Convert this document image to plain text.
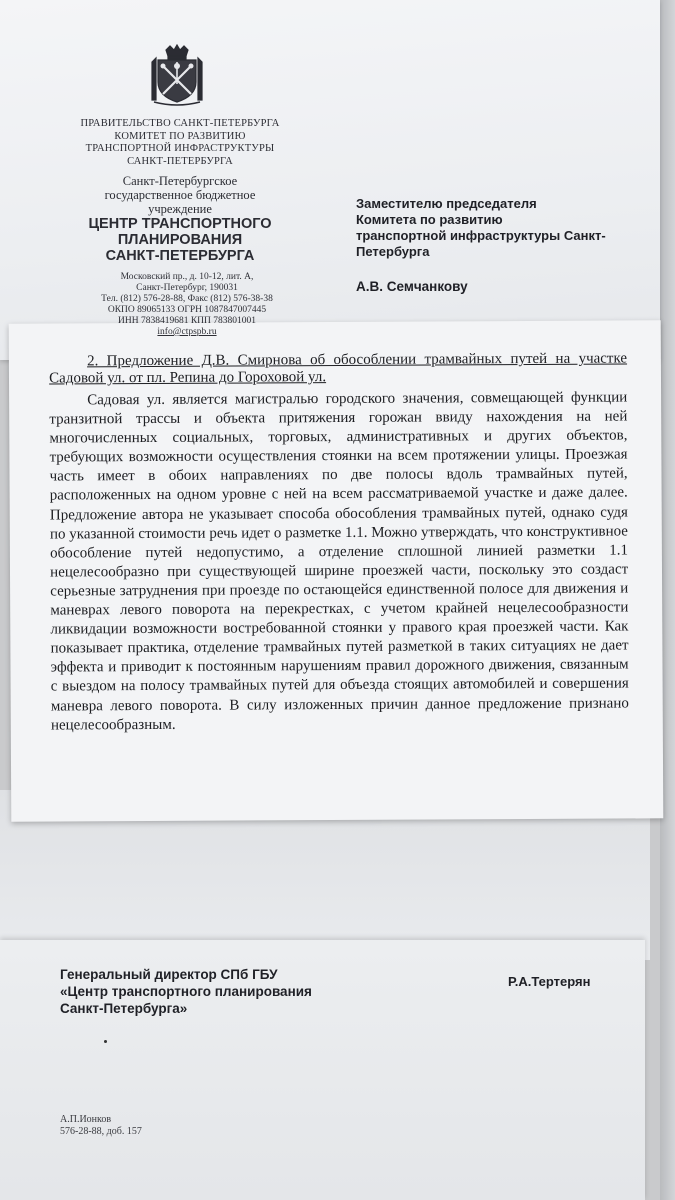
ПРАВИТЕЛЬСТВО САНКТ-ПЕТЕРБУРГА
КОМИТЕТ ПО РАЗВИТИЮ
ТРАНСПОРТНОЙ ИНФРАСТРУКТУРЫ
САНКТ-ПЕТЕРБУРГА
Санкт-Петербургское
государственное бюджетное
учреждение
ЦЕНТР ТРАНСПОРТНОГО
ПЛАНИРОВАНИЯ
САНКТ-ПЕТЕРБУРГА
Московский пр., д. 10-12, лит. А,
Санкт-Петербург, 190031
Тел. (812) 576-28-88, Факс (812) 576-38-38
ОКПО 89065133 ОГРН 1087847007445
ИНН 7838419681 КПП 783801001
info@ctpspb.ru
Заместителю председателя
Комитета по развитию
транспортной инфраструктуры Санкт-
Петербурга
А.В. Семчанкову
2. Предложение Д.В. Смирнова об обособлении трамвайных путей на участке Садовой ул. от пл. Репина до Гороховой ул.
Садовая ул. является магистралью городского значения, совмещающей функции транзитной трассы и объекта притяжения горожан ввиду нахождения на ней многочисленных социальных, торговых, административных и других объектов, требующих возможности осуществления стоянки на всем протяжении улицы. Проезжая часть имеет в обоих направлениях по две полосы вдоль трамвайных путей, расположенных на одном уровне с ней на всем рассматриваемой участке и даже далее. Предложение автора не указывает способа обособления трамвайных путей, однако судя по указанной стоимости речь идет о разметке 1.1. Можно утверждать, что конструктивное обособление путей недопустимо, а отделение сплошной линией разметки 1.1 нецелесообразно при существующей ширине проезжей части, поскольку это создаст серьезные затруднения при проезде по остающейся единственной полосе для движения и маневрах левого поворота на перекрестках, с учетом крайней нецелесообразности ликвидации возможности востребованной стоянки у правого края проезжей части. Как показывает практика, отделение трамвайных путей разметкой в таких ситуациях не дает эффекта и приводит к постоянным нарушениям правил дорожного движения, связанным с выездом на полосу трамвайных путей для объезда стоящих автомобилей и совершения маневра левого поворота. В силу изложенных причин данное предложение признано нецелесообразным.
Генеральный директор СПб ГБУ
«Центр транспортного планирования
Санкт-Петербурга»
Р.А.Тертерян
А.П.Ионков
576-28-88, доб. 157
